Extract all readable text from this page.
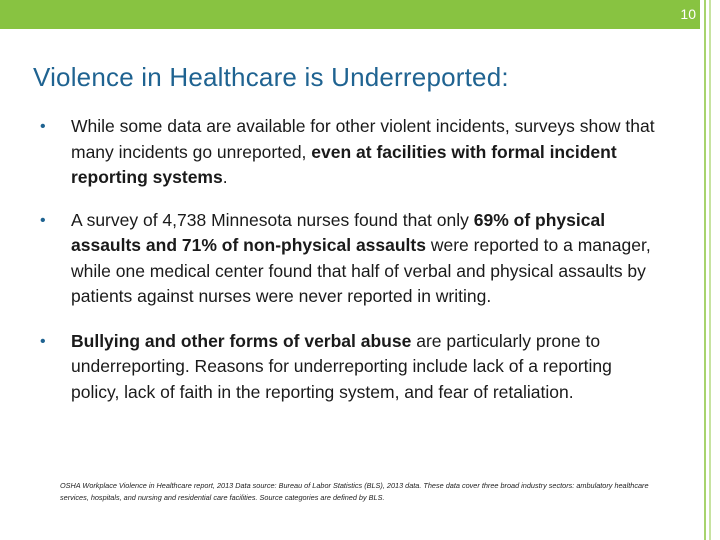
10
Violence in Healthcare is Underreported:
• While some data are available for other violent incidents, surveys show that many incidents go unreported, even at facilities with formal incident reporting systems.
• A survey of 4,738 Minnesota nurses found that only 69% of physical assaults and 71% of non-physical assaults were reported to a manager, while one medical center found that half of verbal and physical assaults by patients against nurses were never reported in writing.
• Bullying and other forms of verbal abuse are particularly prone to underreporting. Reasons for underreporting include lack of a reporting policy, lack of faith in the reporting system, and fear of retaliation.
OSHA Workplace Violence in Healthcare report, 2013 Data source: Bureau of Labor Statistics (BLS), 2013 data. These data cover three broad industry sectors: ambulatory healthcare services, hospitals, and nursing and residential care facilities. Source categories are defined by BLS.
